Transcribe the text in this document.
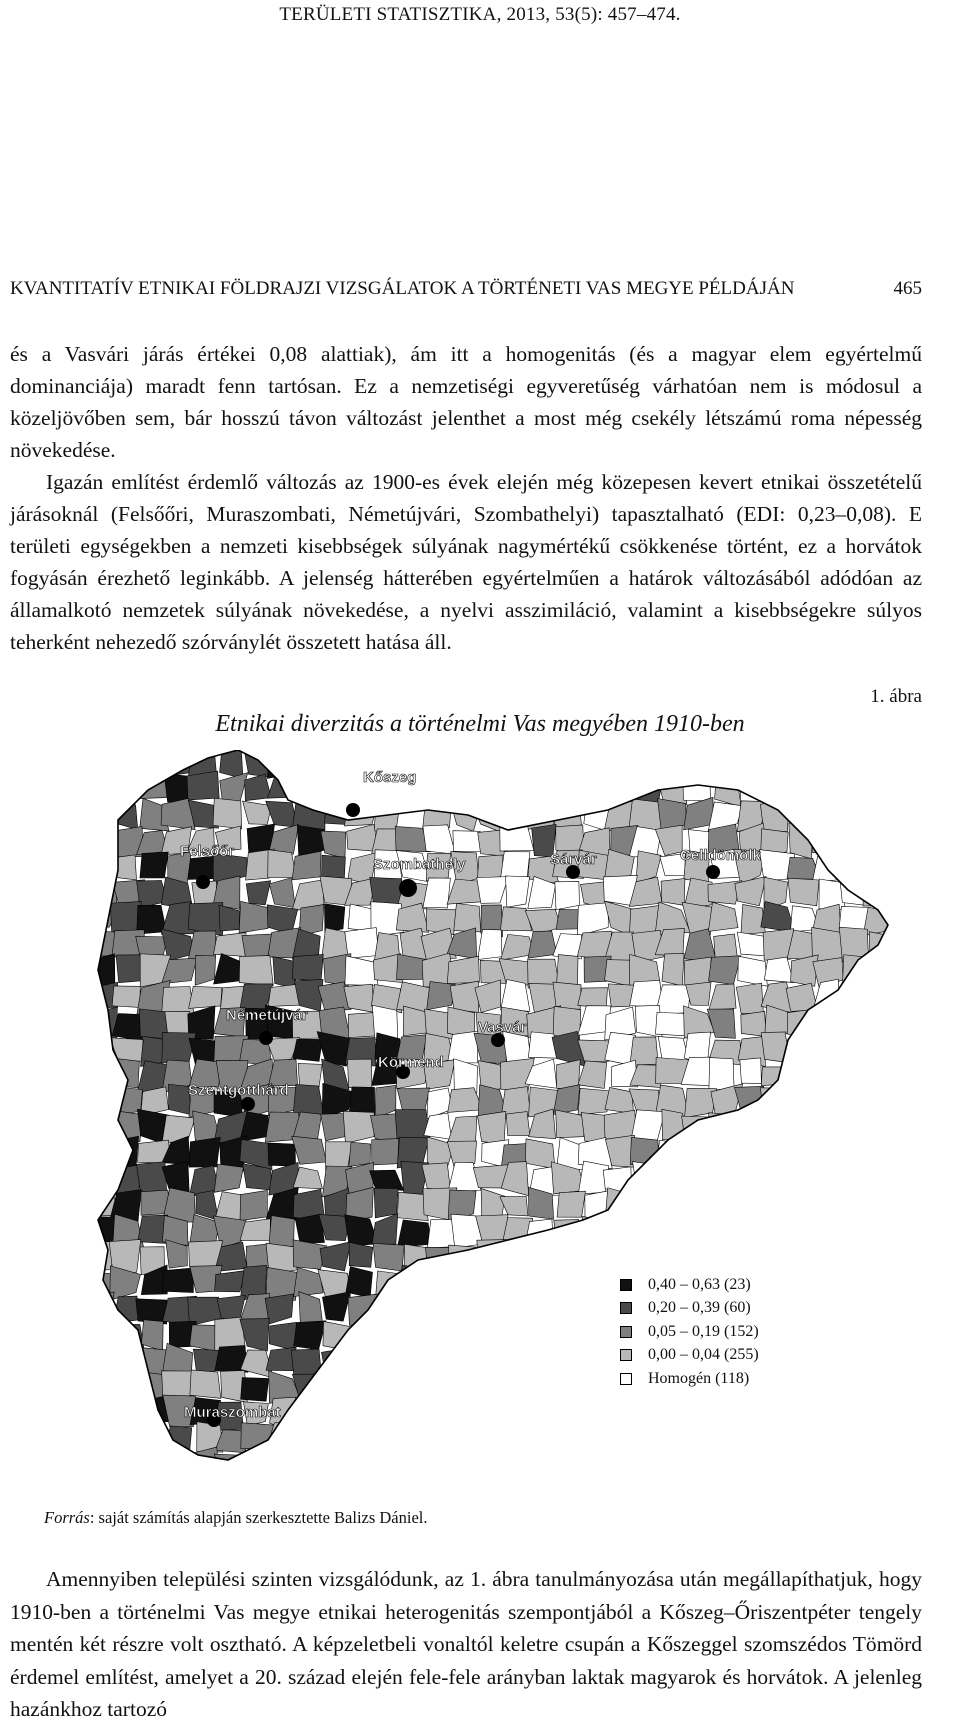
TERÜLETI STATISZTIKA, 2013, 53(5): 457–474.
KVANTITATÍV ETNIKAI FÖLDRAJZI VIZSGÁLATOK A TÖRTÉNETI VAS MEGYE PÉLDÁJÁN	465

és a Vasvári járás értékei 0,08 alattiak), ám itt a homogenitás (és a magyar elem egyértelmű dominanciája) maradt fenn tartósan. Ez a nemzetiségi egyveretűség várhatóan nem is módosul a közeljövőben sem, bár hosszú távon változást jelenthet a most még csekély létszámú roma népesség növekedése.

Igazán említést érdemlő változás az 1900-es évek elején még közepesen kevert etnikai összetételű járásoknál (Felsőőri, Muraszombati, Németújvári, Szombathelyi) tapasztalható (EDI: 0,23–0,08). E területi egységekben a nemzeti kisebbségek súlyának nagymértékű csökkenése történt, ez a horvátok fogyásán érezhető leginkább. A jelenség hátterében egyértelműen a határok változásából adódóan az államalkotó nemzetek súlyának növekedése, a nyelvi asszimiláció, valamint a kisebbségekre súlyos teherként nehezedő szórványlét összetett hatása áll.

1. ábra
Etnikai diverzitás a történelmi Vas megyében 1910-ben
Kőszeg
Felsőőr
Szombathely	Sárvár	Celldömölk
Németújvár
Vasvár
Körmend
Szentgotthárd
Muraszombat
0,40 – 0,63 (23)
0,20 – 0,39 (60)
0,05 – 0,19 (152)
0,00 – 0,04 (255)
Homogén (118)
Forrás: saját számítás alapján szerkesztette Balizs Dániel.

Amennyiben települési szinten vizsgálódunk, az 1. ábra tanulmányozása után megállapíthatjuk, hogy 1910-ben a történelmi Vas megye etnikai heterogenitás szempontjából a Kőszeg–Őriszentpéter tengely mentén két részre volt osztható. A képzeletbeli vonaltól keletre csupán a Kőszeggel szomszédos Tömörd érdemel említést, amelyet a 20. század elején fele-fele arányban laktak magyarok és horvátok. A jelenleg hazánkhoz tartozó
